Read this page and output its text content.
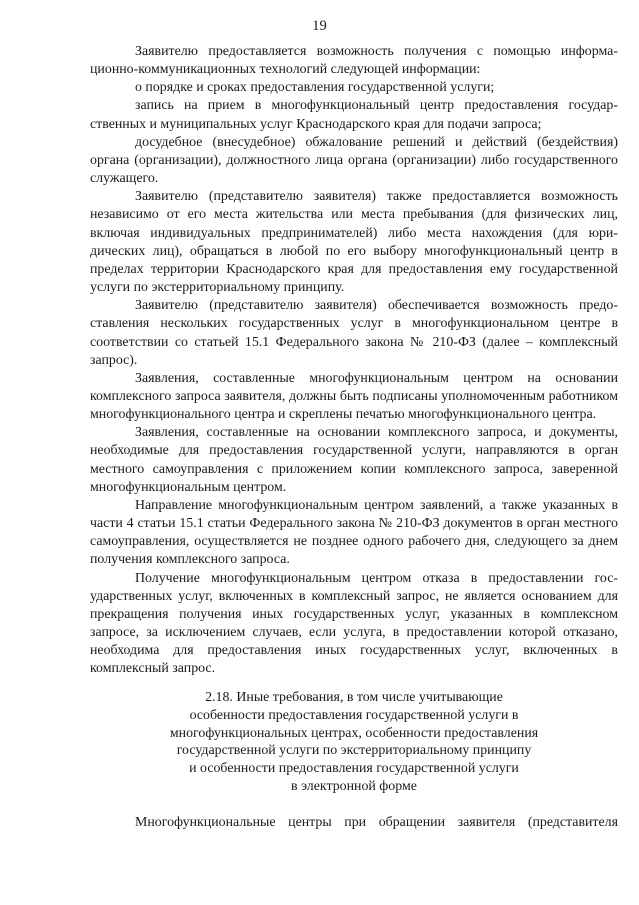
19

Заявителю предоставляется возможность получения с помощью информационно-коммуникационных технологий следующей информации:

о порядке и сроках предоставления государственной услуги;

запись на прием в многофункциональный центр предоставления государственных и муниципальных услуг Краснодарского края для подачи запроса;

досудебное (внесудебное) обжалование решений и действий (бездействия) органа (организации), должностного лица органа (организации) либо государственного служащего.

Заявителю (представителю заявителя) также предоставляется возможность независимо от его места жительства или места пребывания (для физических лиц, включая индивидуальных предпринимателей) либо места нахождения (для юридических лиц), обращаться в любой по его выбору многофункциональный центр в пределах территории Краснодарского края для предоставления ему государственной услуги по экстерриториальному принципу.

Заявителю (представителю заявителя) обеспечивается возможность предоставления нескольких государственных услуг в многофункциональном центре в соответствии со статьей 15.1 Федерального закона № 210-ФЗ (далее – комплексный запрос).

Заявления, составленные многофункциональным центром на основании комплексного запроса заявителя, должны быть подписаны уполномоченным работником многофункционального центра и скреплены печатью многофункционального центра.

Заявления, составленные на основании комплексного запроса, и документы, необходимые для предоставления государственной услуги, направляются в орган местного самоуправления с приложением копии комплексного запроса, заверенной многофункциональным центром.

Направление многофункциональным центром заявлений, а также указанных в части 4 статьи 15.1 статьи Федерального закона № 210-ФЗ документов в орган местного самоуправления, осуществляется не позднее одного рабочего дня, следующего за днем получения комплексного запроса.

Получение многофункциональным центром отказа в предоставлении государственных услуг, включенных в комплексный запрос, не является основанием для прекращения получения иных государственных услуг, указанных в комплексном запросе, за исключением случаев, если услуга, в предоставлении которой отказано, необходима для предоставления иных государственных услуг, включенных в комплексный запрос.

2.18. Иные требования, в том числе учитывающие
особенности предоставления государственной услуги в
многофункциональных центрах, особенности предоставления
государственной услуги по экстерриториальному принципу
и особенности предоставления государственной услуги
в электронной форме
Многофункциональные центры при обращении заявителя (представителя
